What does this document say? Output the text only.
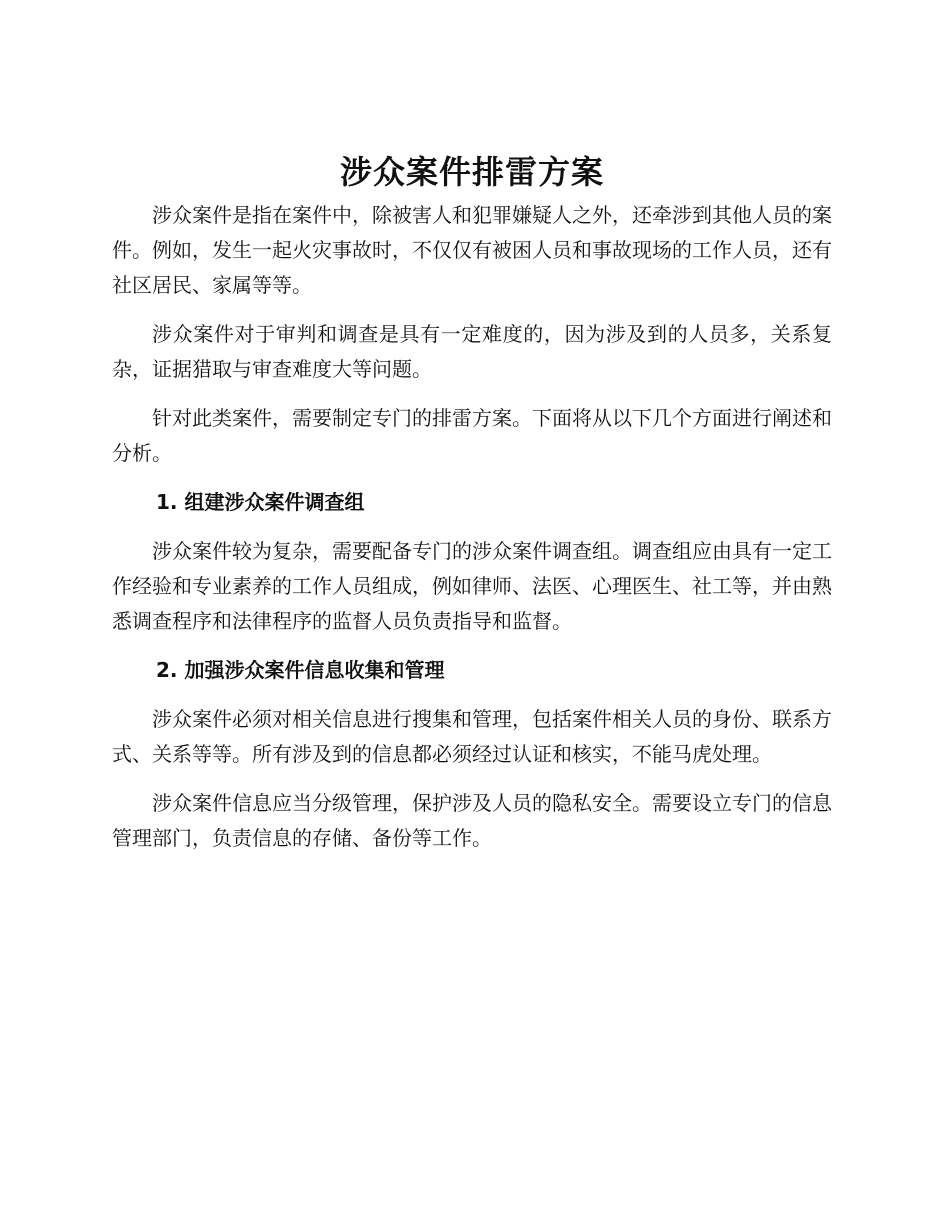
涉众案件排雷方案

涉众案件是指在案件中，除被害人和犯罪嫌疑人之外，还牵涉到其他人员的案件。例如，发生一起火灾事故时，不仅仅有被困人员和事故现场的工作人员，还有社区居民、家属等等。

涉众案件对于审判和调查是具有一定难度的，因为涉及到的人员多，关系复杂，证据猎取与审查难度大等问题。

针对此类案件，需要制定专门的排雷方案。下面将从以下几个方面进行阐述和分析。

1. 组建涉众案件调查组

涉众案件较为复杂，需要配备专门的涉众案件调查组。调查组应由具有一定工作经验和专业素养的工作人员组成，例如律师、法医、心理医生、社工等，并由熟悉调查程序和法律程序的监督人员负责指导和监督。

2. 加强涉众案件信息收集和管理

涉众案件必须对相关信息进行搜集和管理，包括案件相关人员的身份、联系方式、关系等等。所有涉及到的信息都必须经过认证和核实，不能马虎处理。

涉众案件信息应当分级管理，保护涉及人员的隐私安全。需要设立专门的信息管理部门，负责信息的存储、备份等工作。
